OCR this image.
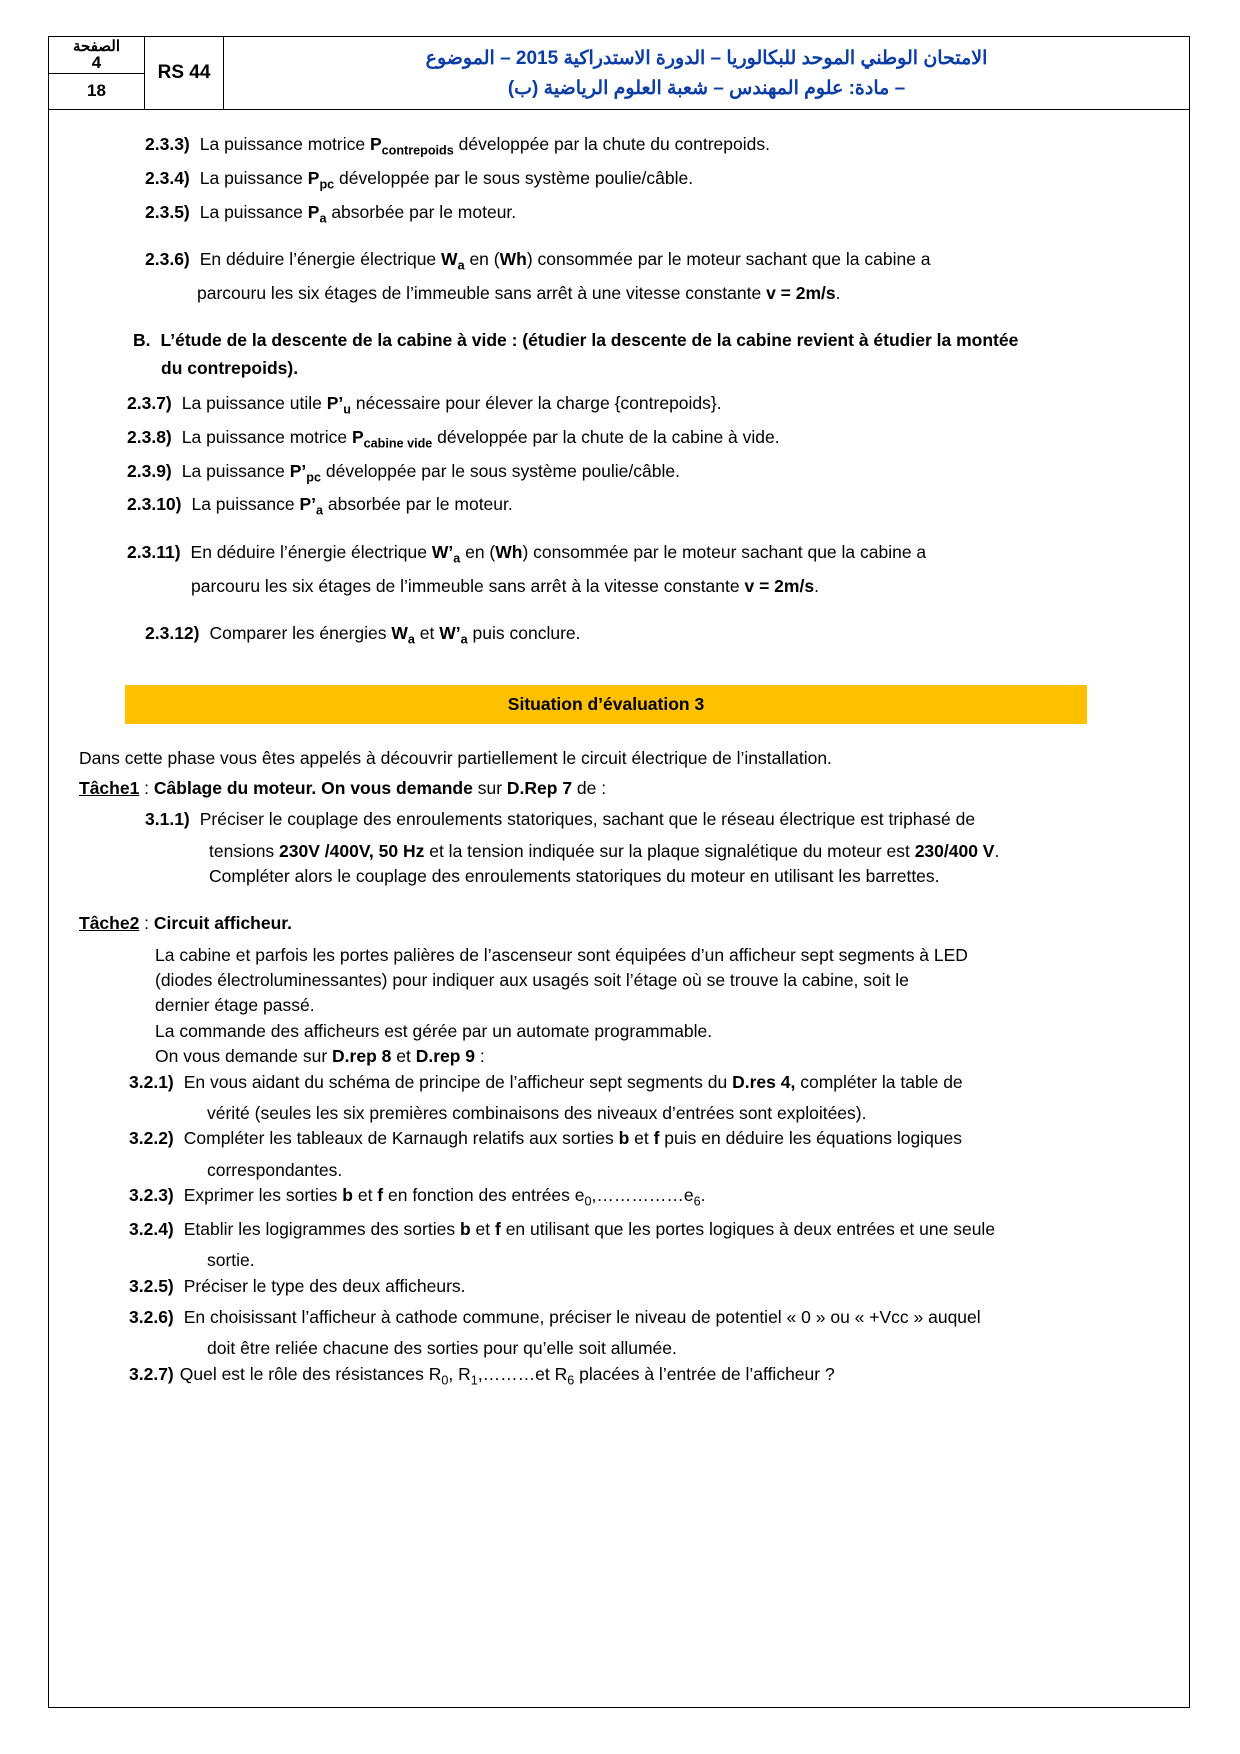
الصفحة
4
18
RS 44
الامتحان الوطني الموحد للبكالوريا – الدورة الاستدراكية 2015 – الموضوع
– مادة: علوم المهندس – شعبة العلوم الرياضية (ب)
2.3.3) La puissance motrice $P_{contrepoids}$ développée par la chute du contrepoids.
2.3.4) La puissance $P_{pc}$ développée par le sous système poulie/câble.
2.3.5) La puissance $P_a$ absorbée par le moteur.
2.3.6) En déduire l’énergie électrique $W_a$ en (Wh) consommée par le moteur sachant que la cabine a
parcouru les six étages de l’immeuble sans arrêt à une vitesse constante v = 2m/s.
B. L’étude de la descente de la cabine à vide : (étudier la descente de la cabine revient à étudier la montée
du contrepoids).
2.3.7) La puissance utile $P’_u$ nécessaire pour élever la charge {contrepoids}.
2.3.8) La puissance motrice $P_{cabine vide}$ développée par la chute de la cabine à vide.
2.3.9) La puissance $P’_{pc}$ développée par le sous système poulie/câble.
2.3.10) La puissance $P’_a$ absorbée par le moteur.
2.3.11) En déduire l’énergie électrique $W’_a$ en (Wh) consommée par le moteur sachant que la cabine a
parcouru les six étages de l’immeuble sans arrêt à la vitesse constante v = 2m/s.
2.3.12) Comparer les énergies $W_a$ et $W’_a$ puis conclure.
Situation d’évaluation 3
Dans cette phase vous êtes appelés à découvrir partiellement le circuit électrique de l’installation.
Tâche1 : Câblage du moteur. On vous demande sur D.Rep 7 de :
3.1.1) Préciser le couplage des enroulements statoriques, sachant que le réseau électrique est triphasé de
tensions 230V /400V, 50 Hz et la tension indiquée sur la plaque signalétique du moteur est 230/400 V.
Compléter alors le couplage des enroulements statoriques du moteur en utilisant les barrettes.
Tâche2 : Circuit afficheur.
La cabine et parfois les portes palières de l’ascenseur sont équipées d’un afficheur sept segments à LED
(diodes électroluminessantes) pour indiquer aux usagés soit l’étage où se trouve la cabine, soit le
dernier étage passé.
La commande des afficheurs est gérée par un automate programmable.
On vous demande sur D.rep 8 et D.rep 9 :
3.2.1) En vous aidant du schéma de principe de l’afficheur sept segments du D.res 4, compléter la table de
vérité (seules les six premières combinaisons des niveaux d’entrées sont exploitées).
3.2.2) Compléter les tableaux de Karnaugh relatifs aux sorties b et f puis en déduire les équations logiques
correspondantes.
3.2.3) Exprimer les sorties b et f en fonction des entrées $e_0,\dots\dots\dots\dots\dots e_6$.
3.2.4) Etablir les logigrammes des sorties b et f en utilisant que les portes logiques à deux entrées et une seule
sortie.
3.2.5) Préciser le type des deux afficheurs.
3.2.6) En choisissant l’afficheur à cathode commune, préciser le niveau de potentiel « 0 » ou « +Vcc » auquel
doit être reliée chacune des sorties pour qu’elle soit allumée.
3.2.7) Quel est le rôle des résistances $R_0$, $R_1,\dots\dots\dots et$ $R_6$ placées à l’entrée de l’afficheur ?
